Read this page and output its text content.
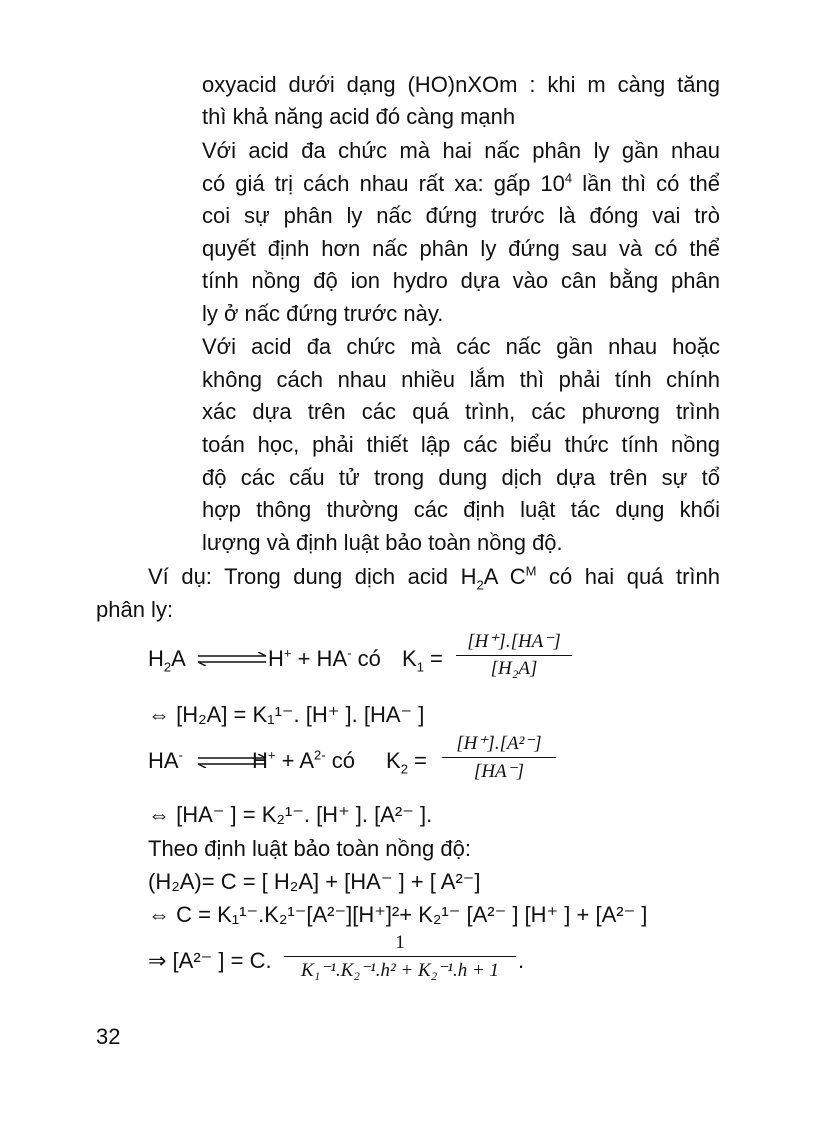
oxyacid dưới dạng (HO)nXOm : khi m càng tăng
thì khả năng acid đó càng mạnh
Với acid đa chức mà hai nấc phân ly gần nhau
có giá trị cách nhau rất xa: gấp $10^4$ lần thì có thể
coi sự phân ly nấc đứng trước là đóng vai trò
quyết định hơn nấc phân ly đứng sau và có thể
tính nồng độ ion hydro dựa vào cân bằng phân
ly ở nấc đứng trước này.
Với acid đa chức mà các nấc gần nhau hoặc
không cách nhau nhiều lắm thì phải tính chính
xác dựa trên các quá trình, các phương trình
toán học, phải thiết lập các biểu thức tính nồng
độ các cấu tử trong dung dịch dựa trên sự tổ
hợp thông thường các định luật tác dụng khối
lượng và định luật bảo toàn nồng độ.
Ví dụ: Trong dung dịch acid $H_2A$ $C^M$ có hai quá trình
phân ly:
$H_2A$	H+ + HA- có $K_1$ =
[H⁺].[HA⁻]
[H₂A]
⇔ [H₂A] = K₁¹⁻. [H⁺ ]. [HA⁻ ]
HA-	$H^+ + A^{2-}$ có $K_2$ =
[H⁺].[A²⁻]
[HA⁻]
⇔ [HA⁻ ] = K₂¹⁻. [H⁺ ]. [A²⁻ ].
Theo định luật bảo toàn nồng độ:
(H₂A)= C = [ H₂A] + [HA⁻ ] + [ A²⁻]
⇔ C = K₁¹⁻.K₂¹⁻[A²⁻][H⁺]²+ K₂¹⁻ [A²⁻ ] [H⁺ ] + [A²⁻ ]
⇒ [A²⁻ ] = C.
1
K₁⁻¹.K₂⁻¹.h² + K₂⁻¹.h + 1 .
32
